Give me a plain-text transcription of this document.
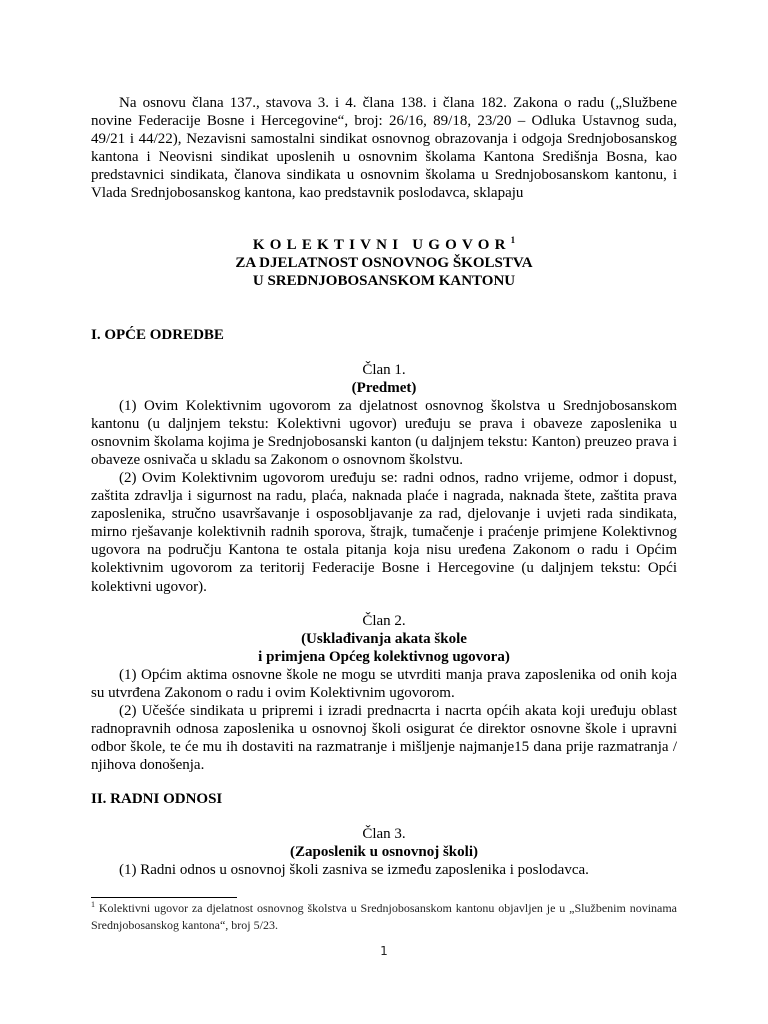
Na osnovu člana 137., stavova 3. i 4. člana 138. i člana 182. Zakona o radu („Službene novine Federacije Bosne i Hercegovine“, broj: 26/16, 89/18, 23/20 – Odluka Ustavnog suda, 49/21 i 44/22), Nezavisni samostalni sindikat osnovnog obrazovanja i odgoja Srednjobosanskog kantona i Neovisni sindikat uposlenih u osnovnim školama Kantona Središnja Bosna, kao predstavnici sindikata, članova sindikata u osnovnim školama u Srednjobosanskom kantonu, i Vlada Srednjobosanskog kantona, kao predstavnik poslodavca, sklapaju

KOLEKTIVNI UGOVOR$^1$
ZA DJELATNOST OSNOVNOG ŠKOLSTVA
U SREDNJOBOSANSKOM KANTONU
I. OPĆE ODREDBE
Član 1.
(Predmet)

(1) Ovim Kolektivnim ugovorom za djelatnost osnovnog školstva u Srednjobosanskom kantonu (u daljnjem tekstu: Kolektivni ugovor) uređuju se prava i obaveze zaposlenika u osnovnim školama kojima je Srednjobosanski kanton (u daljnjem tekstu: Kanton) preuzeo prava i obaveze osnivača u skladu sa Zakonom o osnovnom školstvu.

(2) Ovim Kolektivnim ugovorom uređuju se: radni odnos, radno vrijeme, odmor i dopust, zaštita zdravlja i sigurnost na radu, plaća, naknada plaće i nagrada, naknada štete, zaštita prava zaposlenika, stručno usavršavanje i osposobljavanje za rad, djelovanje i uvjeti rada sindikata, mirno rješavanje kolektivnih radnih sporova, štrajk, tumačenje i praćenje primjene Kolektivnog ugovora na području Kantona te ostala pitanja koja nisu uređena Zakonom o radu i Općim kolektivnim ugovorom za teritorij Federacije Bosne i Hercegovine (u daljnjem tekstu: Opći kolektivni ugovor).

Član 2.
(Usklađivanja akata škole
i primjena Općeg kolektivnog ugovora)

(1) Općim aktima osnovne škole ne mogu se utvrditi manja prava zaposlenika od onih koja su utvrđena Zakonom o radu i ovim Kolektivnim ugovorom.

(2) Učešće sindikata u pripremi i izradi prednacrta i nacrta općih akata koji uređuju oblast radnopravnih odnosa zaposlenika u osnovnoj školi osigurat će direktor osnovne škole i upravni odbor škole, te će mu ih dostaviti na razmatranje i mišljenje najmanje15 dana prije razmatranja / njihova donošenja.

II. RADNI ODNOSI
Član 3.
(Zaposlenik u osnovnoj školi)

(1) Radni odnos u osnovnoj školi zasniva se između zaposlenika i poslodavca.

$^1$ Kolektivni ugovor za djelatnost osnovnog školstva u Srednjobosanskom kantonu objavljen je u „Službenim novinama Srednjobosanskog kantona“, broj 5/23.

1
